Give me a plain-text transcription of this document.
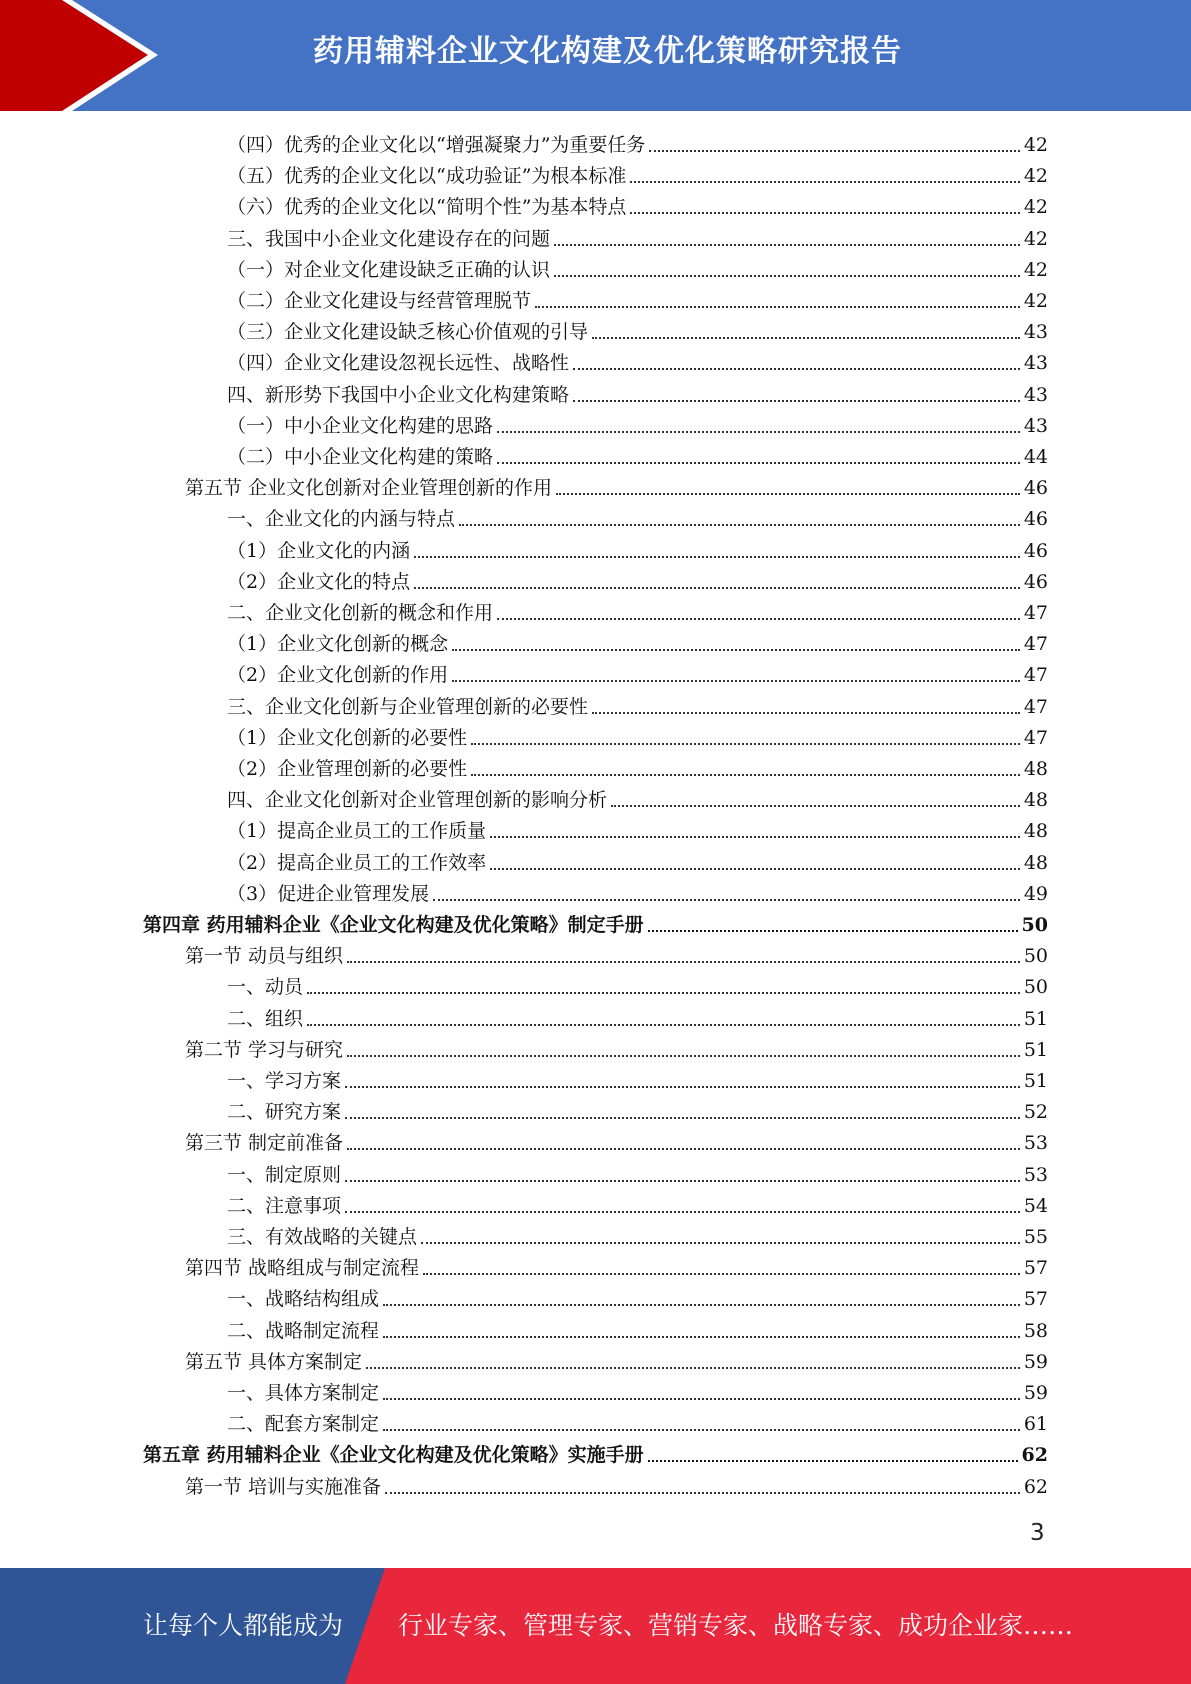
药用辅料企业文化构建及优化策略研究报告
（四）优秀的企业文化以“增强凝聚力”为重要任务	42
（五）优秀的企业文化以“成功验证”为根本标准	42
（六）优秀的企业文化以“简明个性”为基本特点	42
三、我国中小企业文化建设存在的问题	42
（一）对企业文化建设缺乏正确的认识	42
（二）企业文化建设与经营管理脱节	42
（三）企业文化建设缺乏核心价值观的引导	43
（四）企业文化建设忽视长远性、战略性	43
四、新形势下我国中小企业文化构建策略	43
（一）中小企业文化构建的思路	43
（二）中小企业文化构建的策略	44
第五节 企业文化创新对企业管理创新的作用	46
一、企业文化的内涵与特点	46
（1）企业文化的内涵	46
（2）企业文化的特点	46
二、企业文化创新的概念和作用	47
（1）企业文化创新的概念	47
（2）企业文化创新的作用	47
三、企业文化创新与企业管理创新的必要性	47
（1）企业文化创新的必要性	47
（2）企业管理创新的必要性	48
四、企业文化创新对企业管理创新的影响分析	48
（1）提高企业员工的工作质量	48
（2）提高企业员工的工作效率	48
（3）促进企业管理发展	49
第四章 药用辅料企业《企业文化构建及优化策略》制定手册	50
第一节 动员与组织	50
一、动员	50
二、组织	51
第二节 学习与研究	51
一、学习方案	51
二、研究方案	52
第三节 制定前准备	53
一、制定原则	53
二、注意事项	54
三、有效战略的关键点	55
第四节 战略组成与制定流程	57
一、战略结构组成	57
二、战略制定流程	58
第五节 具体方案制定	59
一、具体方案制定	59
二、配套方案制定	61
第五章 药用辅料企业《企业文化构建及优化策略》实施手册	62
第一节 培训与实施准备	62
3
让每个人都能成为 行业专家、管理专家、营销专家、战略专家、成功企业家……
